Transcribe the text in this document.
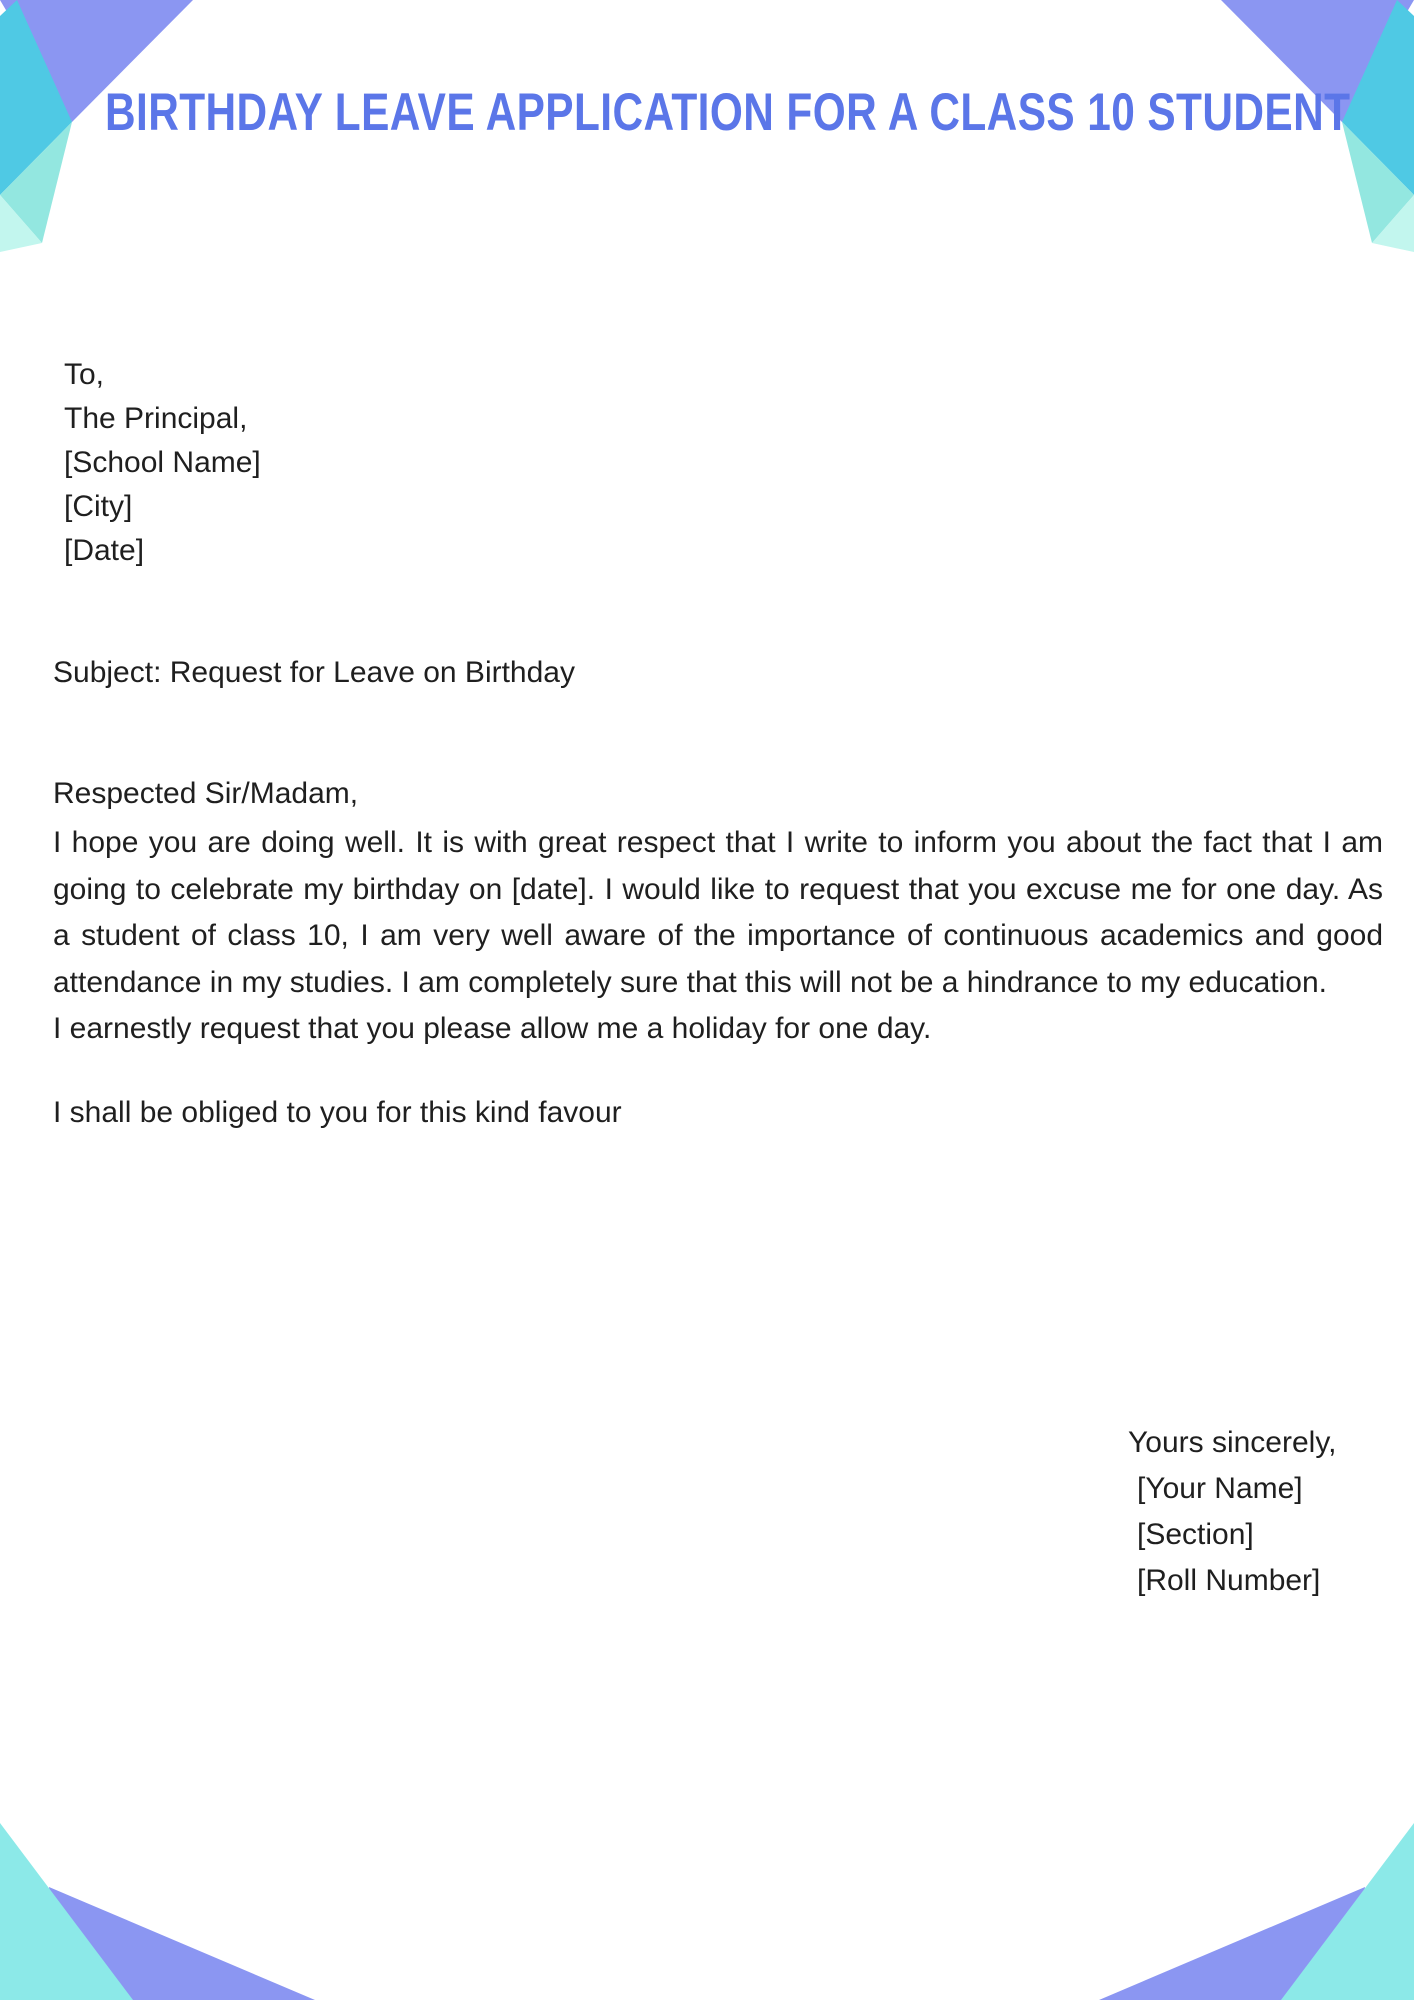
BIRTHDAY LEAVE APPLICATION FOR A CLASS 10 STUDENT
To,
The Principal,
[School Name]
[City]
[Date]
Subject: Request for Leave on Birthday
Respected Sir/Madam,
I hope you are doing well. It is with great respect that I write to inform you about the fact that I am going to celebrate my birthday on [date]. I would like to request that you excuse me for one day. As a student of class 10, I am very well aware of the importance of continuous academics and good attendance in my studies. I am completely sure that this will not be a hindrance to my education.
I earnestly request that you please allow me a holiday for one day.
I shall be obliged to you for this kind favour
Yours sincerely,
[Your Name]
[Section]
[Roll Number]
